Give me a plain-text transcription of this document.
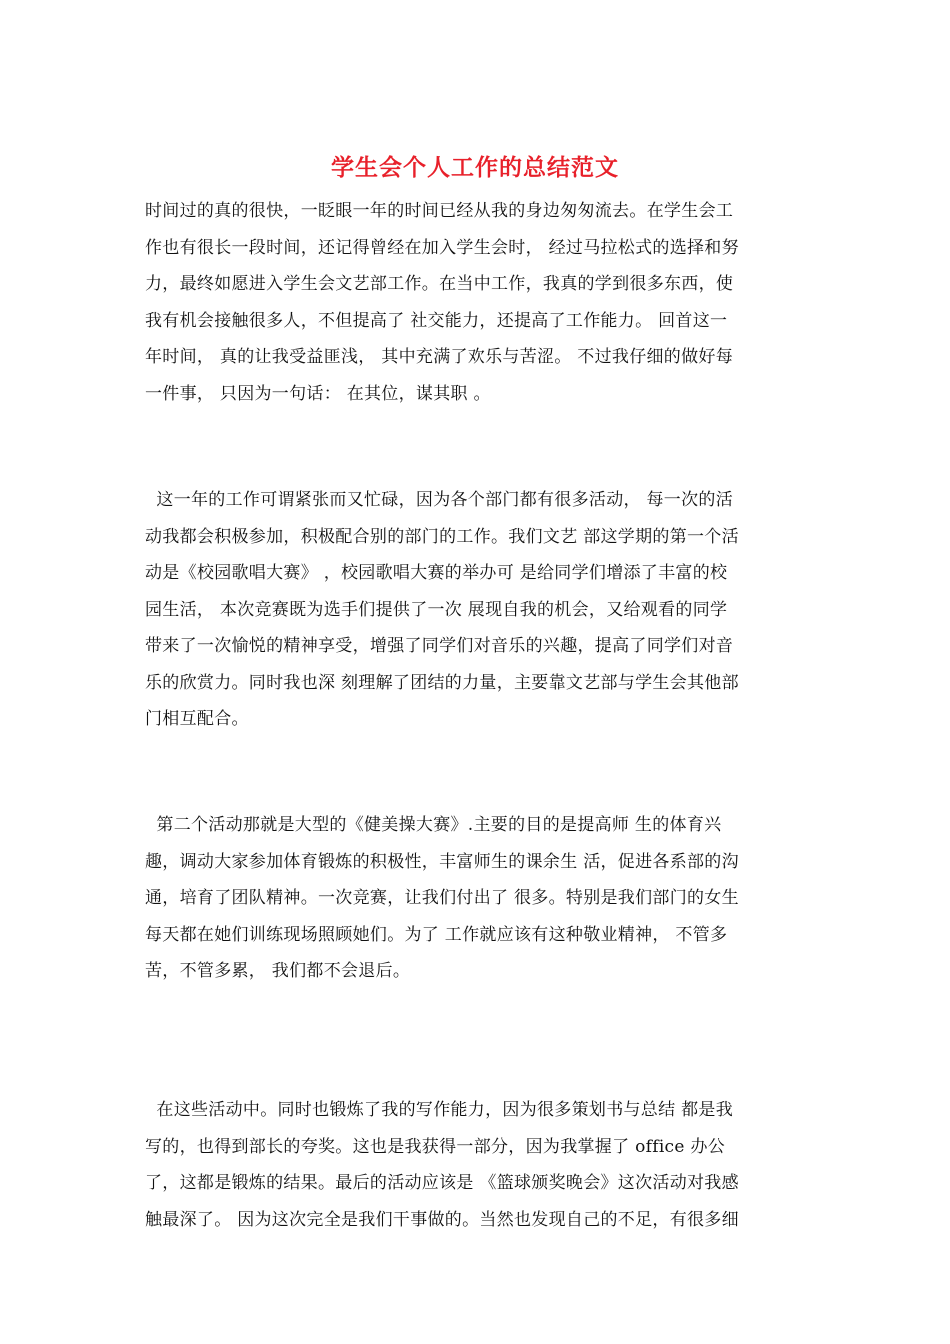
学生会个人工作的总结范文
时间过的真的很快，一眨眼一年的时间已经从我的身边匆匆流去。在学生会工
作也有很长一段时间，还记得曾经在加入学生会时， 经过马拉松式的选择和努
力，最终如愿进入学生会文艺部工作。在当中工作，我真的学到很多东西，使
我有机会接触很多人，不但提高了 社交能力，还提高了工作能力。 回首这一
年时间， 真的让我受益匪浅， 其中充满了欢乐与苦涩。 不过我仔细的做好每
一件事， 只因为一句话： 在其位，谋其职 。
这一年的工作可谓紧张而又忙碌，因为各个部门都有很多活动， 每一次的活
动我都会积极参加，积极配合别的部门的工作。我们文艺 部这学期的第一个活
动是《校园歌唱大赛》 ，校园歌唱大赛的举办可 是给同学们增添了丰富的校
园生活， 本次竞赛既为选手们提供了一次 展现自我的机会，又给观看的同学
带来了一次愉悦的精神享受，增强了同学们对音乐的兴趣，提高了同学们对音
乐的欣赏力。同时我也深 刻理解了团结的力量，主要靠文艺部与学生会其他部
门相互配合。
第二个活动那就是大型的《健美操大赛》.主要的目的是提高师 生的体育兴
趣，调动大家参加体育锻炼的积极性，丰富师生的课余生 活，促进各系部的沟
通，培育了团队精神。一次竞赛，让我们付出了 很多。特别是我们部门的女生
每天都在她们训练现场照顾她们。为了 工作就应该有这种敬业精神， 不管多
苦，不管多累， 我们都不会退后。
在这些活动中。同时也锻炼了我的写作能力，因为很多策划书与总结 都是我
写的，也得到部长的夸奖。这也是我获得一部分，因为我掌握了 office 办公
了，这都是锻炼的结果。最后的活动应该是 《篮球颁奖晚会》这次活动对我感
触最深了。 因为这次完全是我们干事做的。当然也发现自己的不足，有很多细
